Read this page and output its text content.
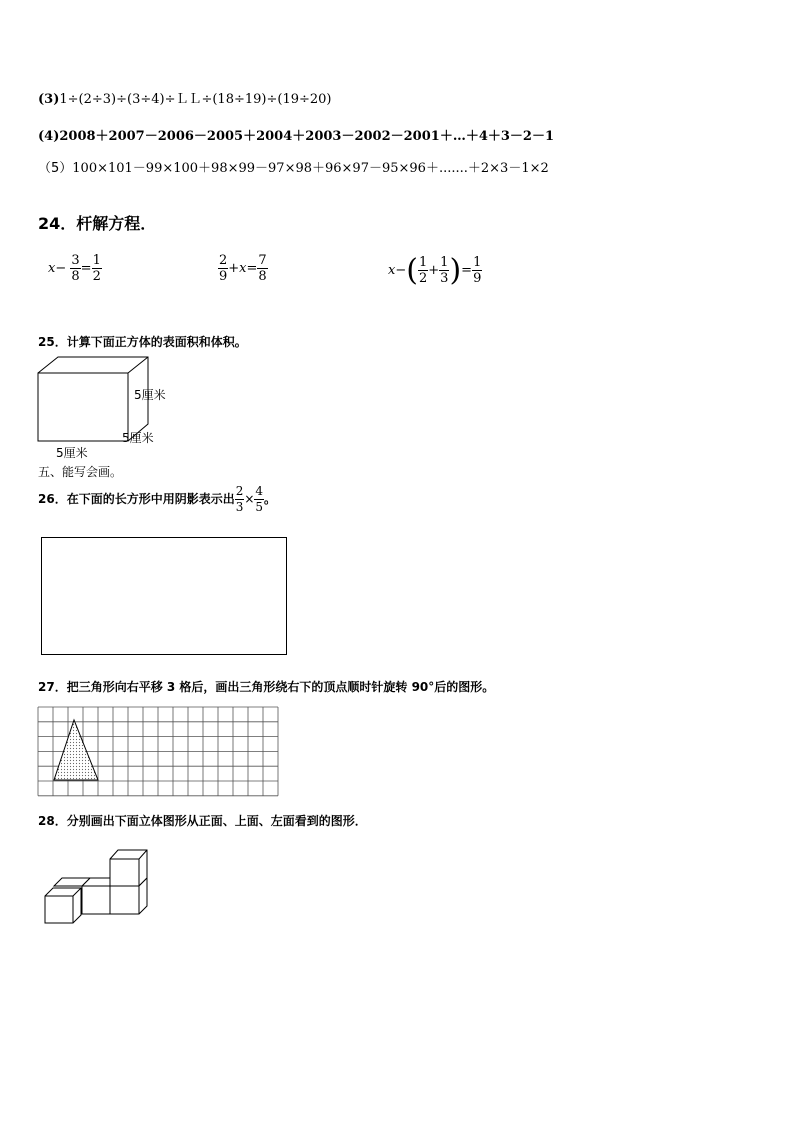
(3)1÷(2÷3)÷(3÷4)÷ＬＬ÷(18÷19)÷(19÷20)
(4)2008＋2007－2006－2005＋2004＋2003－2002－2001＋…＋4＋3－2－1
（5）100×101－99×100＋98×99－97×98＋96×97－95×96＋.......＋2×3－1×2
24．杆解方程．
$x- \frac{3}{8} = \frac{1}{2}$	$\frac{2}{9} +x= \frac{7}{8}$	$x-( \frac{1}{2} + \frac{1}{3}$ )= $\frac{1}{9}$
25．计算下面正方体的表面积和体积。
5厘米
5厘米
5厘米
五、能写会画。
26．在下面的长方形中用阴影表示出 $\frac{2}{3} \times \frac{4}{5}$ 。
27．把三角形向右平移 3 格后，画出三角形绕右下的顶点顺时针旋转 90°后的图形。
28．分别画出下面立体图形从正面、上面、左面看到的图形．
